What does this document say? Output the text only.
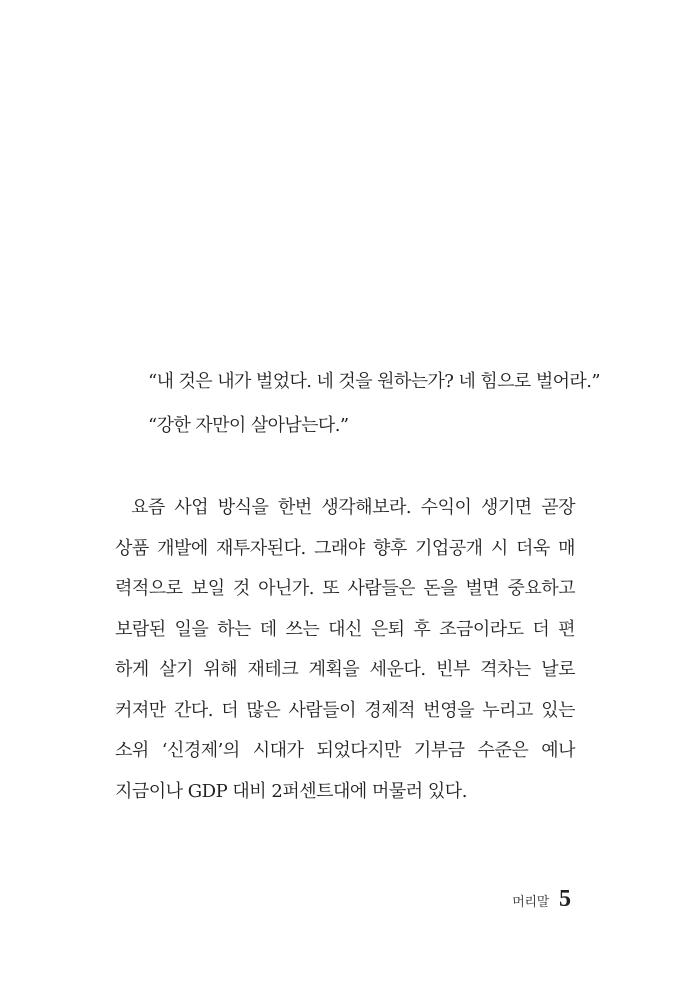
“내 것은 내가 벌었다. 네 것을 원하는가? 네 힘으로 벌어라.”
“강한 자만이 살아남는다.”
요즘 사업 방식을 한번 생각해보라. 수익이 생기면 곧장
상품 개발에 재투자된다. 그래야 향후 기업공개 시 더욱 매
력적으로 보일 것 아닌가. 또 사람들은 돈을 벌면 중요하고
보람된 일을 하는 데 쓰는 대신 은퇴 후 조금이라도 더 편
하게 살기 위해 재테크 계획을 세운다. 빈부 격차는 날로
커져만 간다. 더 많은 사람들이 경제적 번영을 누리고 있는
소위 ‘신경제’의 시대가 되었다지만 기부금 수준은 예나
지금이나 GDP 대비 2퍼센트대에 머물러 있다.
머리말 5
